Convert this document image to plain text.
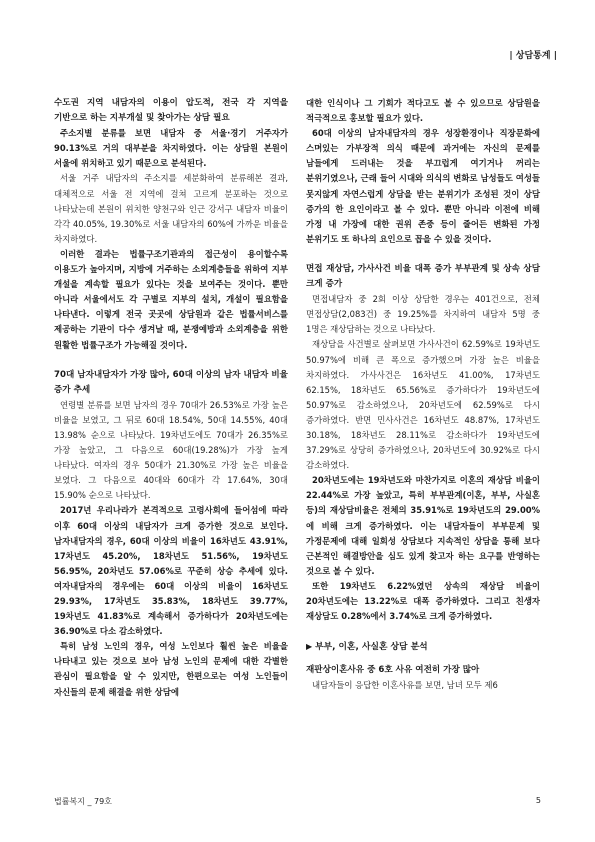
| 상담통계 |
수도권 지역 내담자의 이용이 압도적, 전국 각 지역을 기반으로 하는 지부개설 및 찾아가는 상담 필요

주소지별 분류를 보면 내담자 중 서울·경기 거주자가 90.13%로 거의 대부분을 차지하였다. 이는 상담원 본원이 서울에 위치하고 있기 때문으로 분석된다.

서울 거주 내담자의 주소지를 세분화하여 분류해본 결과, 대체적으로 서울 전 지역에 걸쳐 고르게 분포하는 것으로 나타났는데 본원이 위치한 양천구와 인근 강서구 내담자 비율이 각각 40.05%, 19.30%로 서울 내담자의 60%에 가까운 비율을 차지하였다.

이러한 결과는 법률구조기관과의 접근성이 용이할수록 이용도가 높아지며, 지방에 거주하는 소외계층들을 위하여 지부 개설을 계속할 필요가 있다는 것을 보여주는 것이다. 뿐만 아니라 서울에서도 각 구별로 지부의 설치, 개설이 필요함을 나타낸다. 이렇게 전국 곳곳에 상담원과 같은 법률서비스를 제공하는 기관이 다수 생겨날 때, 분쟁예방과 소외계층을 위한 원활한 법률구조가 가능해질 것이다.

70대 남자내담자가 가장 많아, 60대 이상의 남자 내담자 비율 증가 추세

연령별 분류를 보면 남자의 경우 70대가 26.53%로 가장 높은 비율을 보였고, 그 뒤로 60대 18.54%, 50대 14.55%, 40대 13.98% 순으로 나타났다. 19차년도에도 70대가 26.35%로 가장 높았고, 그 다음으로 60대(19.28%)가 가장 높게 나타났다. 여자의 경우 50대가 21.30%로 가장 높은 비율을 보였다. 그 다음으로 40대와 60대가 각 17.64%, 30대 15.90% 순으로 나타났다.

2017년 우리나라가 본격적으로 고령사회에 들어섬에 따라 이후 60대 이상의 내담자가 크게 증가한 것으로 보인다. 남자내담자의 경우, 60대 이상의 비율이 16차년도 43.91%, 17차년도 45.20%, 18차년도 51.56%, 19차년도 56.95%, 20차년도 57.06%로 꾸준히 상승 추세에 있다. 여자내담자의 경우에는 60대 이상의 비율이 16차년도 29.93%, 17차년도 35.83%, 18차년도 39.77%, 19차년도 41.83%로 계속해서 증가하다가 20차년도에는 36.90%로 다소 감소하였다.

특히 남성 노인의 경우, 여성 노인보다 훨씬 높은 비율을 나타내고 있는 것으로 보아 남성 노인의 문제에 대한 각별한 관심이 필요함을 알 수 있지만, 한편으로는 여성 노인들이 자신들의 문제 해결을 위한 상담에

대한 인식이나 그 기회가 적다고도 볼 수 있으므로 상담원을 적극적으로 홍보할 필요가 있다.

60대 이상의 남자내담자의 경우 성장환경이나 직장문화에 스며있는 가부장적 의식 때문에 과거에는 자신의 문제를 남들에게 드러내는 것을 부끄럽게 여기거나 꺼리는 분위기였으나, 근래 들어 시대와 의식의 변화로 남성들도 여성들 못지않게 자연스럽게 상담을 받는 분위기가 조성된 것이 상담 증가의 한 요인이라고 볼 수 있다. 뿐만 아니라 이전에 비해 가정 내 가장에 대한 권위 존중 등이 줄어든 변화된 가정 분위기도 또 하나의 요인으로 꼽을 수 있을 것이다.

면접 재상담, 가사사건 비율 대폭 증가 부부관계 및 상속 상담 크게 증가

면접내담자 중 2회 이상 상담한 경우는 401건으로, 전체 면접상담(2,083건) 중 19.25%를 차지하여 내담자 5명 중 1명은 재상담하는 것으로 나타났다.

재상담을 사건별로 살펴보면 가사사건이 62.59%로 19차년도 50.97%에 비해 큰 폭으로 증가했으며 가장 높은 비율을 차지하였다. 가사사건은 16차년도 41.00%, 17차년도 62.15%, 18차년도 65.56%로 증가하다가 19차년도에 50.97%로 감소하였으나, 20차년도에 62.59%로 다시 증가하였다. 반면 민사사건은 16차년도 48.87%, 17차년도 30.18%, 18차년도 28.11%로 감소하다가 19차년도에 37.29%로 상당히 증가하였으나, 20차년도에 30.92%로 다시 감소하였다.

20차년도에는 19차년도와 마찬가지로 이혼의 재상담 비율이 22.44%로 가장 높았고, 특히 부부관계(이혼, 부부, 사실혼 등)의 재상담비율은 전체의 35.91%로 19차년도의 29.00%에 비해 크게 증가하였다. 이는 내담자들이 부부문제 및 가정문제에 대해 일회성 상담보다 지속적인 상담을 통해 보다 근본적인 해결방안을 심도 있게 찾고자 하는 요구를 반영하는 것으로 볼 수 있다.

또한 19차년도 6.22%였던 상속의 재상담 비율이 20차년도에는 13.22%로 대폭 증가하였다. 그리고 친생자 재상담도 0.28%에서 3.74%로 크게 증가하였다.

▶ 부부, 이혼, 사실혼 상담 분석
재판상이혼사유 중 6호 사유 여전히 가장 많아

내담자들이 응답한 이혼사유를 보면, 남녀 모두 제6

법률복지 _ 79호	5
